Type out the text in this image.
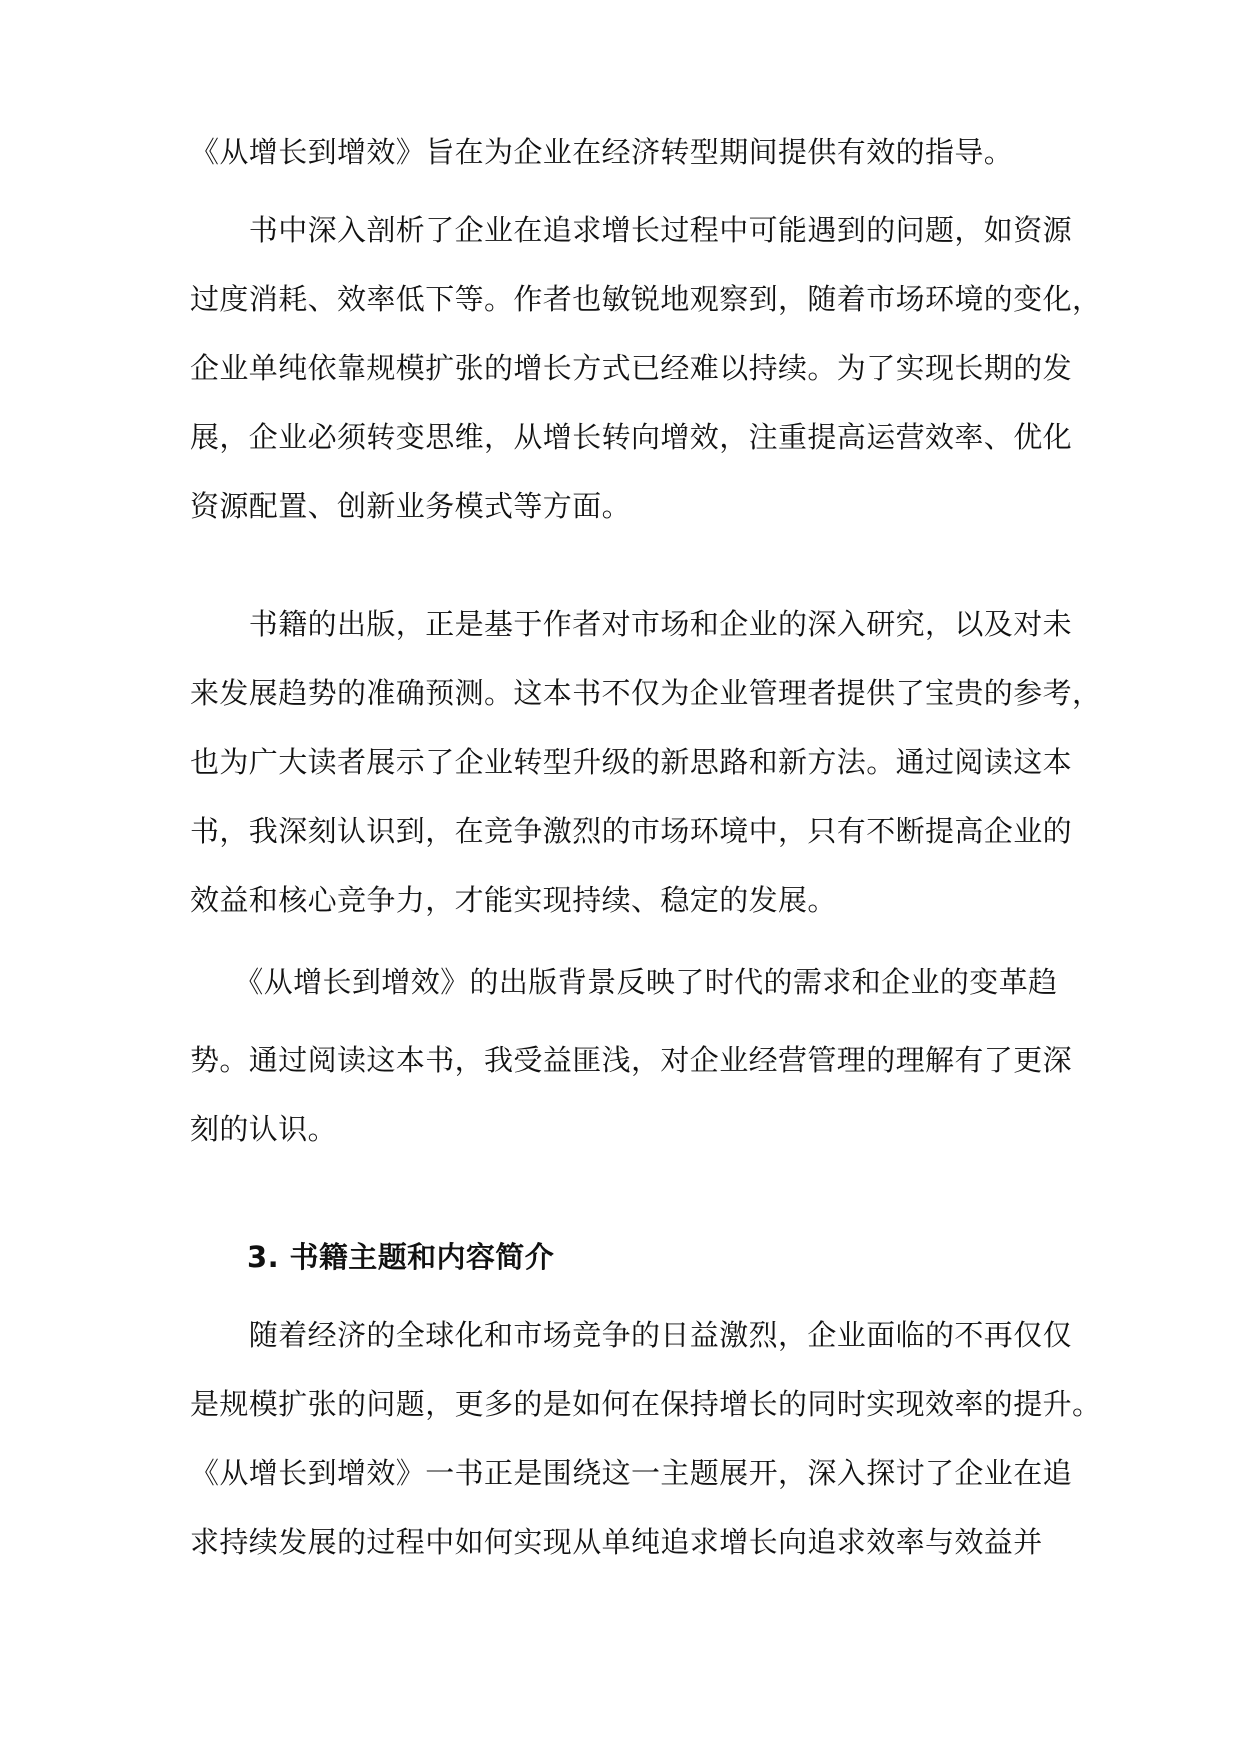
《从增长到增效》旨在为企业在经济转型期间提供有效的指导。
　　书中深入剖析了企业在追求增长过程中可能遇到的问题，如资源
过度消耗、效率低下等。作者也敏锐地观察到，随着市场环境的变化，
企业单纯依靠规模扩张的增长方式已经难以持续。为了实现长期的发
展，企业必须转变思维，从增长转向增效，注重提高运营效率、优化
资源配置、创新业务模式等方面。
　　书籍的出版，正是基于作者对市场和企业的深入研究，以及对未
来发展趋势的准确预测。这本书不仅为企业管理者提供了宝贵的参考，
也为广大读者展示了企业转型升级的新思路和新方法。通过阅读这本
书，我深刻认识到，在竞争激烈的市场环境中，只有不断提高企业的
效益和核心竞争力，才能实现持续、稳定的发展。
　　《从增长到增效》的出版背景反映了时代的需求和企业的变革趋
势。通过阅读这本书，我受益匪浅，对企业经营管理的理解有了更深
刻的认识。
3. 书籍主题和内容简介
　　随着经济的全球化和市场竞争的日益激烈，企业面临的不再仅仅
是规模扩张的问题，更多的是如何在保持增长的同时实现效率的提升。
《从增长到增效》一书正是围绕这一主题展开，深入探讨了企业在追
求持续发展的过程中如何实现从单纯追求增长向追求效率与效益并
